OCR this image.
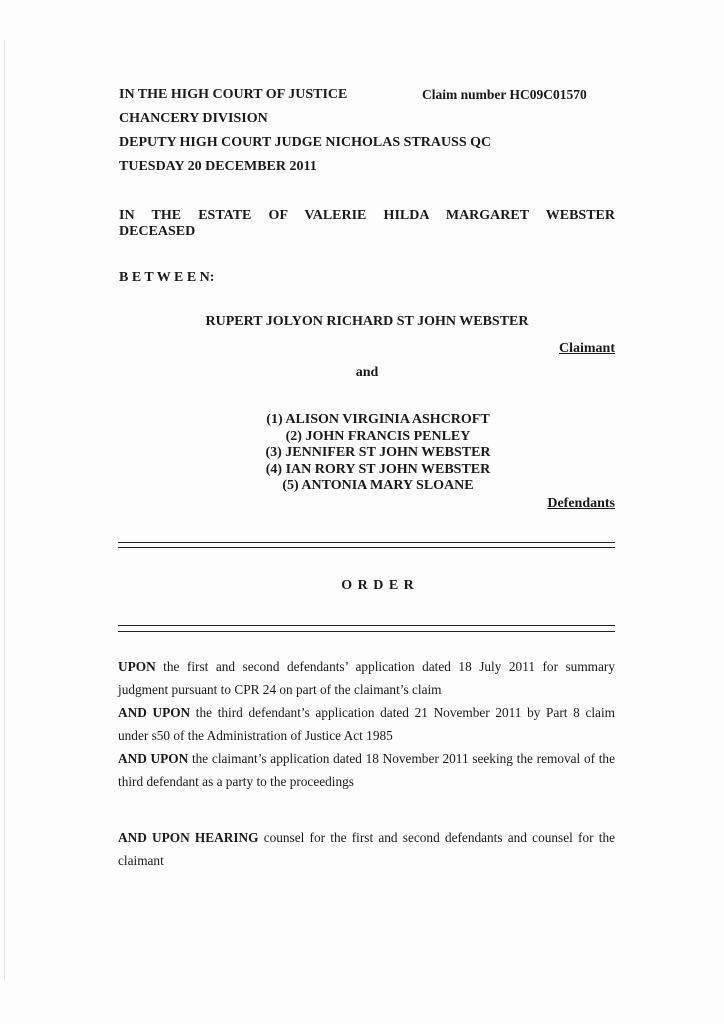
IN THE HIGH COURT OF JUSTICE	Claim number HC09C01570
CHANCERY DIVISION
DEPUTY HIGH COURT JUDGE NICHOLAS STRAUSS QC
TUESDAY 20 DECEMBER 2011
IN THE ESTATE OF VALERIE HILDA MARGARET WEBSTER
DECEASED
B E T W E E N:
RUPERT JOLYON RICHARD ST JOHN WEBSTER
Claimant
and
(1) ALISON VIRGINIA ASHCROFT
(2) JOHN FRANCIS PENLEY
(3) JENNIFER ST JOHN WEBSTER
(4) IAN RORY ST JOHN WEBSTER
(5) ANTONIA MARY SLOANE
Defendants
O R D E R

UPON the first and second defendants’ application dated 18 July 2011 for summary judgment pursuant to CPR 24 on part of the claimant’s claim

AND UPON the third defendant’s application dated 21 November 2011 by Part 8 claim under s50 of the Administration of Justice Act 1985

AND UPON the claimant’s application dated 18 November 2011 seeking the removal of the third defendant as a party to the proceedings

AND UPON HEARING counsel for the first and second defendants and counsel for the claimant
